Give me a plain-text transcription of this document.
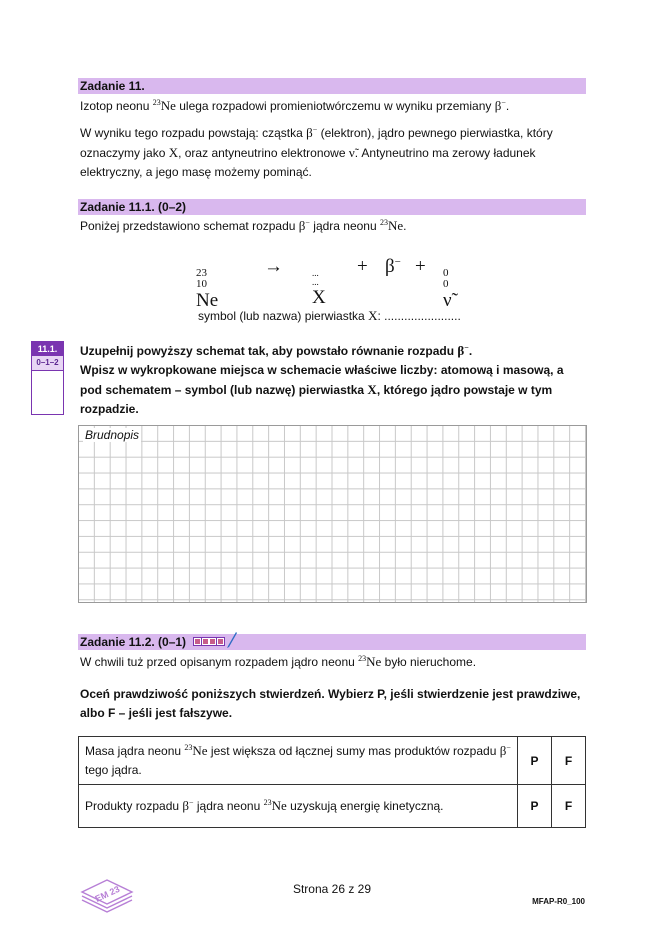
Zadanie 11.
Izotop neonu $^{23}$Ne ulega rozpadowi promieniotwórczemu w wyniku przemiany β−.
W wyniku tego rozpadu powstają: cząstka β− (elektron), jądro pewnego pierwiastka, który oznaczymy jako X, oraz antyneutrino elektronowe ν̃. Antyneutrino ma zerowy ładunek elektryczny, a jego masę możemy pominąć.
Zadanie 11.1. (0–2)
Poniżej przedstawiono schemat rozpadu β− jądra neonu $^{23}$Ne.
23
10
Ne
→	...
...
X
+ β− + 0
0
ν̃
symbol (lub nazwa) pierwiastka X: .......................
11.1.
0–1–2
Uzupełnij powyższy schemat tak, aby powstało równanie rozpadu β−.
Wpisz w wykropkowane miejsca w schemacie właściwe liczby: atomową i masową, a pod schematem – symbol (lub nazwę) pierwiastka X, którego jądro powstaje w tym rozpadzie.
Brudnopis
Zadanie 11.2. (0–1)
W chwili tuż przed opisanym rozpadem jądro neonu $^{23}$Ne było nieruchome.
Oceń prawdziwość poniższych stwierdzeń. Wybierz P, jeśli stwierdzenie jest prawdziwe, albo F – jeśli jest fałszywe.
Masa jądra neonu $^{23}$Ne jest większa od łącznej sumy mas produktów rozpadu β− tego jądra.	P	F
Produkty rozpadu β− jądra neonu $^{23}$Ne uzyskują energię kinetyczną.	P	F
EM 23	Strona 26 z 29
MFAP-R0_100
